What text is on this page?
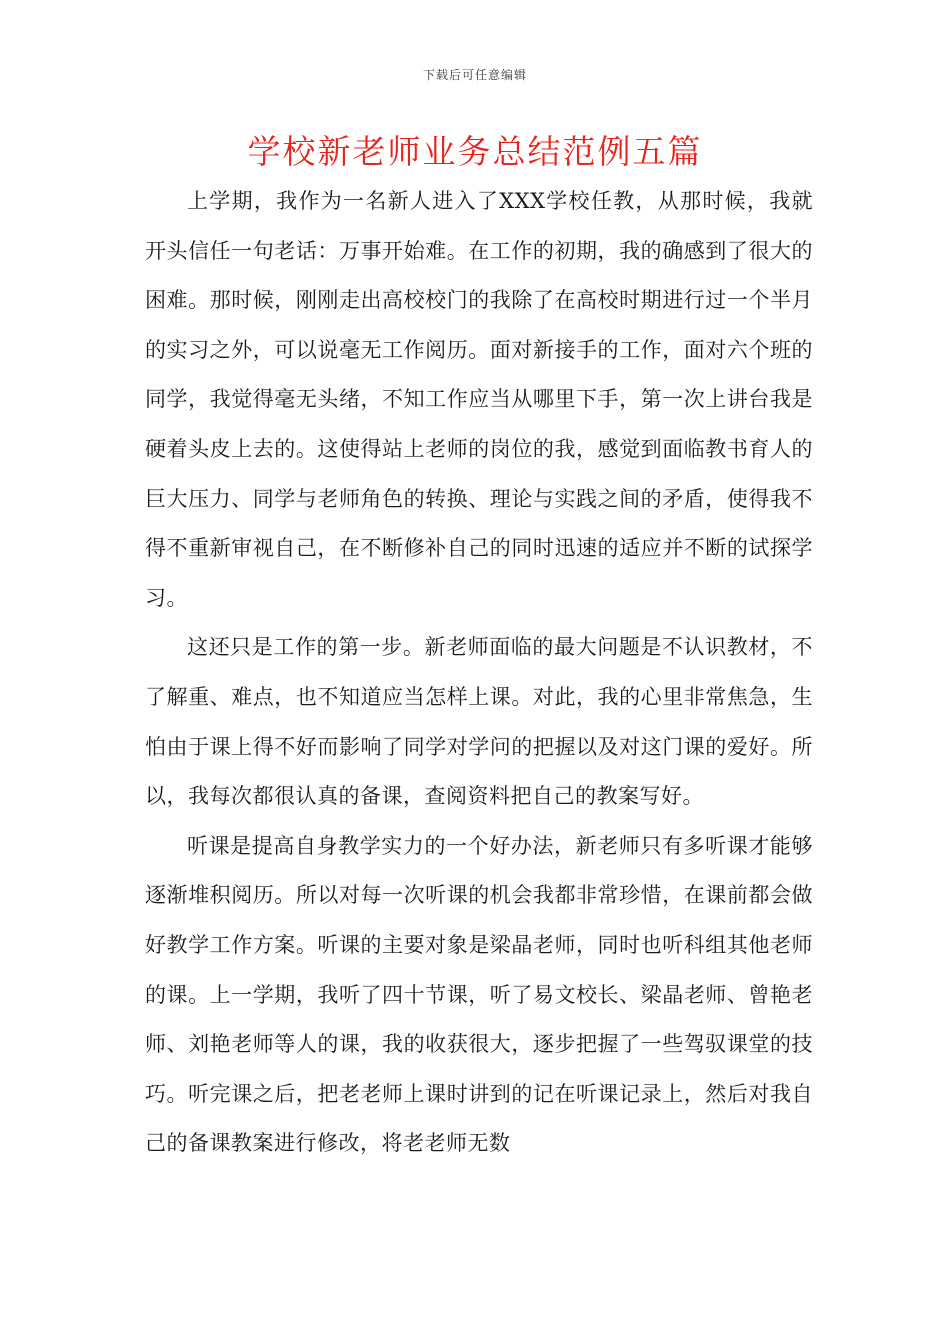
下载后可任意编辑
学校新老师业务总结范例五篇

上学期，我作为一名新人进入了XXX学校任教，从那时候，我就开头信任一句老话：万事开始难。在工作的初期，我的确感到了很大的困难。那时候，刚刚走出高校校门的我除了在高校时期进行过一个半月的实习之外，可以说毫无工作阅历。面对新接手的工作，面对六个班的同学，我觉得毫无头绪，不知工作应当从哪里下手，第一次上讲台我是硬着头皮上去的。这使得站上老师的岗位的我，感觉到面临教书育人的巨大压力、同学与老师角色的转换、理论与实践之间的矛盾，使得我不得不重新审视自己，在不断修补自己的同时迅速的适应并不断的试探学习。

这还只是工作的第一步。新老师面临的最大问题是不认识教材，不了解重、难点，也不知道应当怎样上课。对此，我的心里非常焦急，生怕由于课上得不好而影响了同学对学问的把握以及对这门课的爱好。所以，我每次都很认真的备课，查阅资料把自己的教案写好。

听课是提高自身教学实力的一个好办法，新老师只有多听课才能够逐渐堆积阅历。所以对每一次听课的机会我都非常珍惜，在课前都会做好教学工作方案。听课的主要对象是梁晶老师，同时也听科组其他老师的课。上一学期，我听了四十节课，听了易文校长、梁晶老师、曾艳老师、刘艳老师等人的课，我的收获很大，逐步把握了一些驾驭课堂的技巧。听完课之后，把老老师上课时讲到的记在听课记录上，然后对我自己的备课教案进行修改，将老老师无数
